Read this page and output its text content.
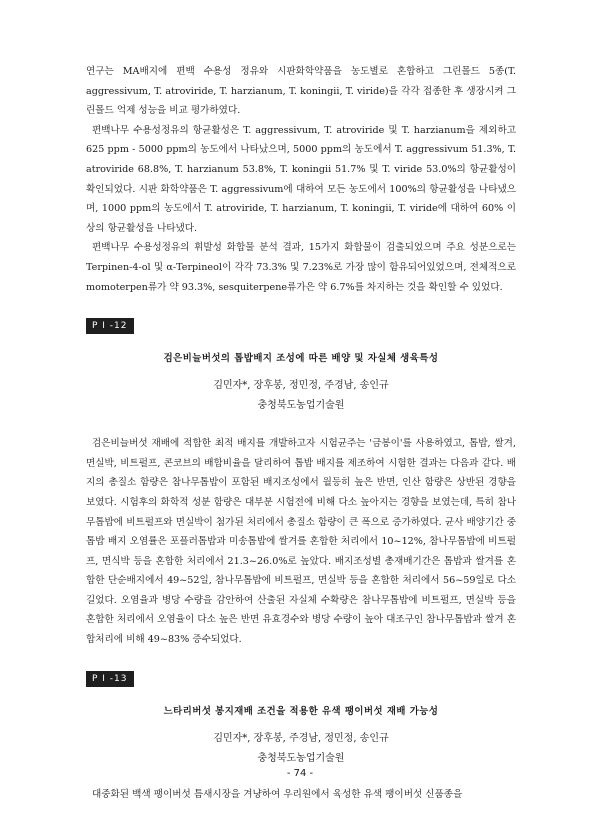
연구는 MA배지에 편백 수용성 정유와 시판화학약품을 농도별로 혼합하고 그린몰드 5종(T. aggressivum, T. atroviride, T. harzianum, T. koningii, T. viride)을 각각 접종한 후 생장시켜 그린몰드 억제 성능을 비교 평가하였다.

편백나무 수용성정유의 항균활성은 T. aggressivum, T. atroviride 및 T. harzianum을 제외하고 625 ppm - 5000 ppm의 농도에서 나타났으며, 5000 ppm의 농도에서 T. aggressivum 51.3%, T. atroviride 68.8%, T. harzianum 53.8%, T. koningii 51.7% 및 T. viride 53.0%의 항균활성이 확인되었다. 시판 화학약품은 T. aggressivum에 대하여 모든 농도에서 100%의 항균활성을 나타냈으며, 1000 ppm의 농도에서 T. atroviride, T. harzianum, T. koningii, T. viride에 대하여 60% 이상의 항균활성을 나타냈다.

편백나무 수용성정유의 휘발성 화합물 분석 결과, 15가지 화합물이 검출되었으며 주요 성분으로는 Terpinen-4-ol 및 α-Terpineol이 각각 73.3% 및 7.23%로 가장 많이 함유되어있었으며, 전체적으로 momoterpen류가 약 93.3%, sesquiterpene류가은 약 6.7%를 차지하는 것을 확인할 수 있었다.

P I -12

검은비늘버섯의 톱밥배지 조성에 따른 배양 및 자실체 생육특성

김민자*, 장후봉, 정민정, 주경남, 송인규

충청북도농업기술원

검은비늘버섯 재배에 적합한 최적 배지를 개발하고자 시험균주는 '금봉이'를 사용하였고, 톱밥, 쌀겨, 면실박, 비트펄프, 콘코브의 배합비율을 달리하여 톱밥 배지를 제조하여 시험한 결과는 다음과 같다. 배지의 총질소 함량은 참나무톱밥이 포함된 배지조성에서 월등히 높은 반면, 인산 함량은 상반된 경향을 보였다. 시험후의 화학적 성분 함량은 대부분 시험전에 비해 다소 높아지는 경향을 보였는데, 특히 참나무톱밥에 비트펄프와 면실박이 첨가된 처리에서 총질소 함량이 큰 폭으로 증가하였다. 균사 배양기간 중 톱밥 배지 오염률은 포플러톱밥과 미송톱밥에 쌀겨를 혼합한 처리에서 10~12%, 참나무톱밥에 비트펄프, 면식박 등을 혼합한 처리에서 21.3~26.0%로 높았다. 배지조성별 총재배기간은 톱밥과 쌀겨를 혼합한 단순배지에서 49~52일, 참나무톱밥에 비트펄프, 면실박 등을 혼합한 처리에서 56~59일로 다소 길었다. 오염율과 병당 수량을 감안하여 산출된 자실체 수확량은 참나무톱밥에 비트펄프, 면실박 등을 혼합한 처리에서 오염율이 다소 높은 반면 유효경수와 병당 수량이 높아 대조구인 참나무톱밥과 쌀겨 혼합처리에 비해 49~83% 증수되었다.

P I -13

느타리버섯 봉지재배 조건을 적용한 유색 팽이버섯 재배 가능성

김민자*, 장후봉, 주경남, 정민정, 송인규

충청북도농업기술원

대중화된 백색 팽이버섯 틈새시장을 겨냥하여 우리원에서 육성한 유색 팽이버섯 신품종을

- 74 -
